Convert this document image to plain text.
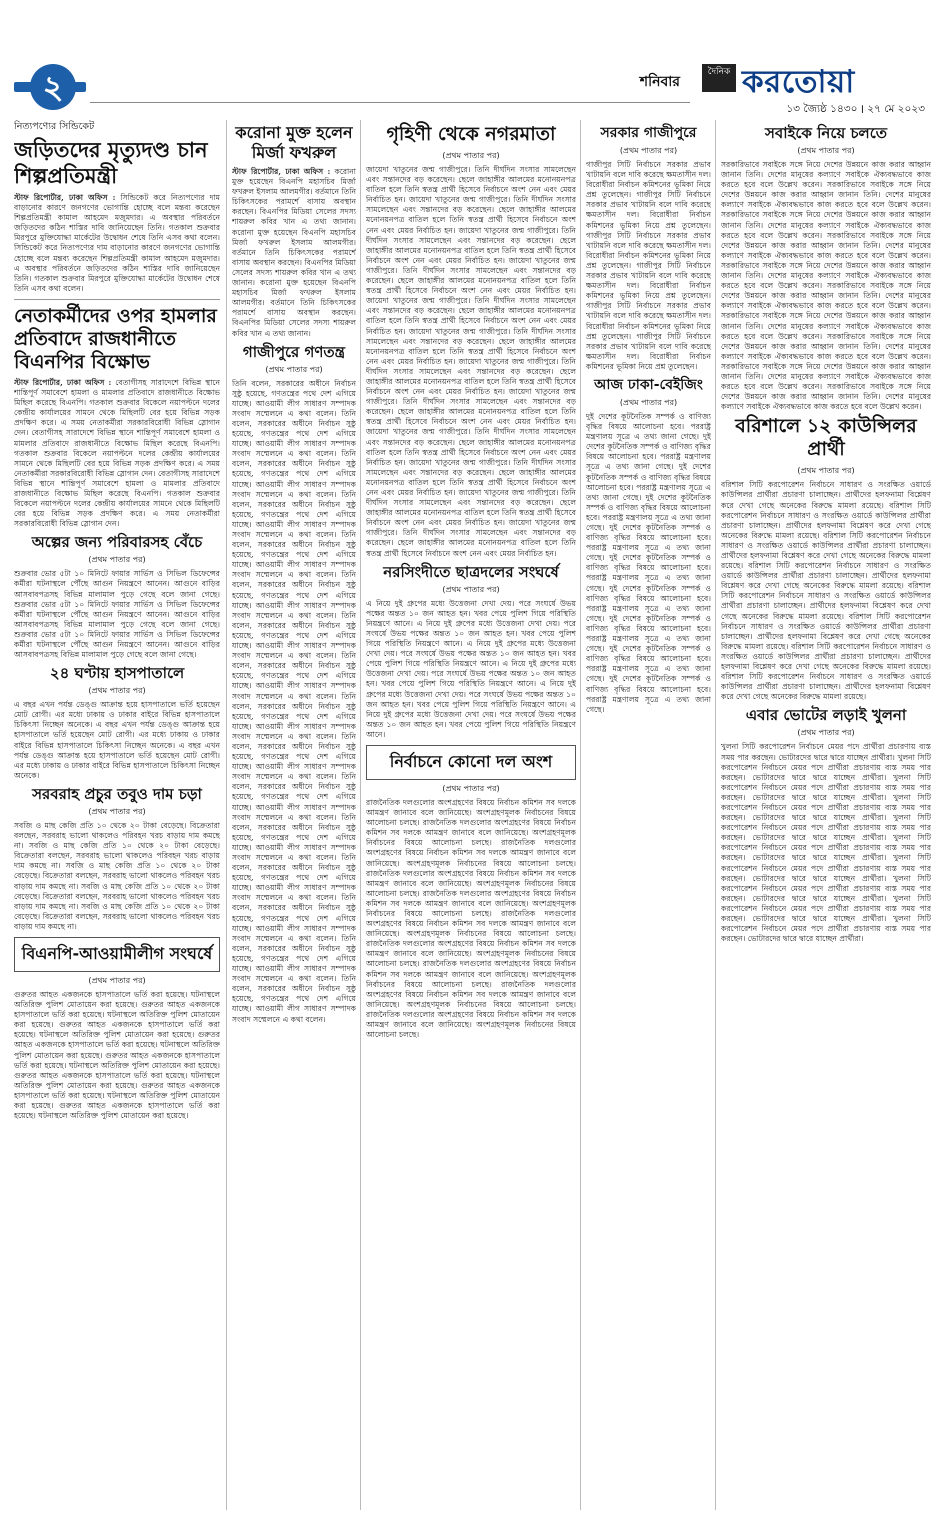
২	শনিবার
দৈনিক করতোয়া
১৩ জ্যৈষ্ঠ ১৪৩০ ׀ ২৭ মে ২০২৩
নিত্যপণ্যের সিন্ডিকেট
জড়িতদের মৃত্যুদণ্ড চান শিল্পপ্রতিমন্ত্রী
স্টাফ রিপোর্টার, ঢাকা অফিস : সিন্ডিকেট করে নিত্যপণ্যের দাম বাড়ানোর কারণে জনগণের ভোগান্তি হোচ্ছে বলে মন্তব্য করেছেন শিল্পপ্রতিমন্ত্রী কামাল আহমেদ মজুমদার। এ অবস্থার পরিবর্তনে জড়িতদের কঠিন শাস্তির দাবি জানিয়েছেন তিনি। গতকাল শুক্রবার মিরপুরে মুক্তিযোদ্ধা মার্কেটের উদ্বোধন শেষে তিনি এসব কথা বলেন। সিন্ডিকেট করে নিত্যপণ্যের দাম বাড়ানোর কারণে জনগণের ভোগান্তি হোচ্ছে বলে মন্তব্য করেছেন শিল্পপ্রতিমন্ত্রী কামাল আহমেদ মজুমদার। এ অবস্থার পরিবর্তনে জড়িতদের কঠিন শাস্তির দাবি জানিয়েছেন তিনি। গতকাল শুক্রবার মিরপুরে মুক্তিযোদ্ধা মার্কেটের উদ্বোধন শেষে তিনি এসব কথা বলেন।
নেতাকর্মীদের ওপর হামলার প্রতিবাদে রাজধানীতে বিএনপির বিক্ষোভ
স্টাফ রিপোর্টার, ঢাকা অফিস : বেতাগীসহ সারাদেশে বিভিন্ন স্থানে শান্তিপূর্ণ সমাবেশে হামলা ও মামলার প্রতিবাদে রাজধানীতে বিক্ষোভ মিছিল করেছে বিএনপি। গতকাল শুক্রবার বিকেলে নয়াপল্টনে দলের কেন্দ্রীয় কার্যালয়ের সামনে থেকে মিছিলটি বের হয়ে বিভিন্ন সড়ক প্রদক্ষিণ করে। এ সময় নেতাকর্মীরা সরকারবিরোধী বিভিন্ন স্লোগান দেন। বেতাগীসহ সারাদেশে বিভিন্ন স্থানে শান্তিপূর্ণ সমাবেশে হামলা ও মামলার প্রতিবাদে রাজধানীতে বিক্ষোভ মিছিল করেছে বিএনপি। গতকাল শুক্রবার বিকেলে নয়াপল্টনে দলের কেন্দ্রীয় কার্যালয়ের সামনে থেকে মিছিলটি বের হয়ে বিভিন্ন সড়ক প্রদক্ষিণ করে। এ সময় নেতাকর্মীরা সরকারবিরোধী বিভিন্ন স্লোগান দেন। বেতাগীসহ সারাদেশে বিভিন্ন স্থানে শান্তিপূর্ণ সমাবেশে হামলা ও মামলার প্রতিবাদে রাজধানীতে বিক্ষোভ মিছিল করেছে বিএনপি। গতকাল শুক্রবার বিকেলে নয়াপল্টনে দলের কেন্দ্রীয় কার্যালয়ের সামনে থেকে মিছিলটি বের হয়ে বিভিন্ন সড়ক প্রদক্ষিণ করে। এ সময় নেতাকর্মীরা সরকারবিরোধী বিভিন্ন স্লোগান দেন।
অল্পের জন্য পরিবারসহ বেঁচে
(প্রথম পাতার পর)
শুক্রবার ভোর ৫টা ১০ মিনিটে ফায়ার সার্ভিস ও সিভিল ডিফেন্সের কর্মীরা ঘটনাস্থলে পৌঁছে আগুন নিয়ন্ত্রণে আনেন। আগুনে বাড়ির আসবাবপত্রসহ বিভিন্ন মালামাল পুড়ে গেছে বলে জানা গেছে। শুক্রবার ভোর ৫টা ১০ মিনিটে ফায়ার সার্ভিস ও সিভিল ডিফেন্সের কর্মীরা ঘটনাস্থলে পৌঁছে আগুন নিয়ন্ত্রণে আনেন। আগুনে বাড়ির আসবাবপত্রসহ বিভিন্ন মালামাল পুড়ে গেছে বলে জানা গেছে। শুক্রবার ভোর ৫টা ১০ মিনিটে ফায়ার সার্ভিস ও সিভিল ডিফেন্সের কর্মীরা ঘটনাস্থলে পৌঁছে আগুন নিয়ন্ত্রণে আনেন। আগুনে বাড়ির আসবাবপত্রসহ বিভিন্ন মালামাল পুড়ে গেছে বলে জানা গেছে।
২৪ ঘণ্টায় হাসপাতালে
(প্রথম পাতার পর)
এ বছর এখন পর্যন্ত ডেঙ্গু আক্রান্ত হয়ে হাসপাতালে ভর্তি হয়েছেন মোট রোগী। এর মধ্যে ঢাকায় ও ঢাকার বাইরে বিভিন্ন হাসপাতালে চিকিৎসা নিচ্ছেন অনেকে। এ বছর এখন পর্যন্ত ডেঙ্গু আক্রান্ত হয়ে হাসপাতালে ভর্তি হয়েছেন মোট রোগী। এর মধ্যে ঢাকায় ও ঢাকার বাইরে বিভিন্ন হাসপাতালে চিকিৎসা নিচ্ছেন অনেকে। এ বছর এখন পর্যন্ত ডেঙ্গু আক্রান্ত হয়ে হাসপাতালে ভর্তি হয়েছেন মোট রোগী। এর মধ্যে ঢাকায় ও ঢাকার বাইরে বিভিন্ন হাসপাতালে চিকিৎসা নিচ্ছেন অনেকে।
সরবরাহ প্রচুর তবুও দাম চড়া
(প্রথম পাতার পর)
সবজি ও মাছ কেজি প্রতি ১০ থেকে ২০ টাকা বেড়েছে। বিক্রেতারা বলছেন, সরবরাহ ভালো থাকলেও পরিবহন খরচ বাড়ায় দাম কমছে না। সবজি ও মাছ কেজি প্রতি ১০ থেকে ২০ টাকা বেড়েছে। বিক্রেতারা বলছেন, সরবরাহ ভালো থাকলেও পরিবহন খরচ বাড়ায় দাম কমছে না। সবজি ও মাছ কেজি প্রতি ১০ থেকে ২০ টাকা বেড়েছে। বিক্রেতারা বলছেন, সরবরাহ ভালো থাকলেও পরিবহন খরচ বাড়ায় দাম কমছে না। সবজি ও মাছ কেজি প্রতি ১০ থেকে ২০ টাকা বেড়েছে। বিক্রেতারা বলছেন, সরবরাহ ভালো থাকলেও পরিবহন খরচ বাড়ায় দাম কমছে না। সবজি ও মাছ কেজি প্রতি ১০ থেকে ২০ টাকা বেড়েছে। বিক্রেতারা বলছেন, সরবরাহ ভালো থাকলেও পরিবহন খরচ বাড়ায় দাম কমছে না।
বিএনপি-আওয়ামীলীগ সংঘর্ষে
(প্রথম পাতার পর)
গুরুতর আহত একজনকে হাসপাতালে ভর্তি করা হয়েছে। ঘটনাস্থলে অতিরিক্ত পুলিশ মোতায়েন করা হয়েছে। গুরুতর আহত একজনকে হাসপাতালে ভর্তি করা হয়েছে। ঘটনাস্থলে অতিরিক্ত পুলিশ মোতায়েন করা হয়েছে। গুরুতর আহত একজনকে হাসপাতালে ভর্তি করা হয়েছে। ঘটনাস্থলে অতিরিক্ত পুলিশ মোতায়েন করা হয়েছে। গুরুতর আহত একজনকে হাসপাতালে ভর্তি করা হয়েছে। ঘটনাস্থলে অতিরিক্ত পুলিশ মোতায়েন করা হয়েছে। গুরুতর আহত একজনকে হাসপাতালে ভর্তি করা হয়েছে। ঘটনাস্থলে অতিরিক্ত পুলিশ মোতায়েন করা হয়েছে। গুরুতর আহত একজনকে হাসপাতালে ভর্তি করা হয়েছে। ঘটনাস্থলে অতিরিক্ত পুলিশ মোতায়েন করা হয়েছে। গুরুতর আহত একজনকে হাসপাতালে ভর্তি করা হয়েছে। ঘটনাস্থলে অতিরিক্ত পুলিশ মোতায়েন করা হয়েছে। গুরুতর আহত একজনকে হাসপাতালে ভর্তি করা হয়েছে। ঘটনাস্থলে অতিরিক্ত পুলিশ মোতায়েন করা হয়েছে।
করোনা মুক্ত হলেন মির্জা ফখরুল
স্টাফ রিপোর্টার, ঢাকা অফিস : করোনা মুক্ত হয়েছেন বিএনপি মহাসচিব মির্জা ফখরুল ইসলাম আলমগীর। বর্তমানে তিনি চিকিৎসকের পরামর্শে বাসায় অবস্থান করছেন। বিএনপির মিডিয়া সেলের সদস্য শায়রুল কবির খান এ তথ্য জানান। করোনা মুক্ত হয়েছেন বিএনপি মহাসচিব মির্জা ফখরুল ইসলাম আলমগীর। বর্তমানে তিনি চিকিৎসকের পরামর্শে বাসায় অবস্থান করছেন। বিএনপির মিডিয়া সেলের সদস্য শায়রুল কবির খান এ তথ্য জানান। করোনা মুক্ত হয়েছেন বিএনপি মহাসচিব মির্জা ফখরুল ইসলাম আলমগীর। বর্তমানে তিনি চিকিৎসকের পরামর্শে বাসায় অবস্থান করছেন। বিএনপির মিডিয়া সেলের সদস্য শায়রুল কবির খান এ তথ্য জানান।
গাজীপুরে গণতন্ত্র
(প্রথম পাতার পর)
তিনি বলেন, সরকারের অধীনে নির্বাচন সুষ্ঠু হয়েছে, গণতন্ত্রের পথে দেশ এগিয়ে যাচ্ছে। আওয়ামী লীগ সাধারণ সম্পাদক সংবাদ সম্মেলনে এ কথা বলেন। তিনি বলেন, সরকারের অধীনে নির্বাচন সুষ্ঠু হয়েছে, গণতন্ত্রের পথে দেশ এগিয়ে যাচ্ছে। আওয়ামী লীগ সাধারণ সম্পাদক সংবাদ সম্মেলনে এ কথা বলেন। তিনি বলেন, সরকারের অধীনে নির্বাচন সুষ্ঠু হয়েছে, গণতন্ত্রের পথে দেশ এগিয়ে যাচ্ছে। আওয়ামী লীগ সাধারণ সম্পাদক সংবাদ সম্মেলনে এ কথা বলেন। তিনি বলেন, সরকারের অধীনে নির্বাচন সুষ্ঠু হয়েছে, গণতন্ত্রের পথে দেশ এগিয়ে যাচ্ছে। আওয়ামী লীগ সাধারণ সম্পাদক সংবাদ সম্মেলনে এ কথা বলেন। তিনি বলেন, সরকারের অধীনে নির্বাচন সুষ্ঠু হয়েছে, গণতন্ত্রের পথে দেশ এগিয়ে যাচ্ছে। আওয়ামী লীগ সাধারণ সম্পাদক সংবাদ সম্মেলনে এ কথা বলেন। তিনি বলেন, সরকারের অধীনে নির্বাচন সুষ্ঠু হয়েছে, গণতন্ত্রের পথে দেশ এগিয়ে যাচ্ছে। আওয়ামী লীগ সাধারণ সম্পাদক সংবাদ সম্মেলনে এ কথা বলেন। তিনি বলেন, সরকারের অধীনে নির্বাচন সুষ্ঠু হয়েছে, গণতন্ত্রের পথে দেশ এগিয়ে যাচ্ছে। আওয়ামী লীগ সাধারণ সম্পাদক সংবাদ সম্মেলনে এ কথা বলেন। তিনি বলেন, সরকারের অধীনে নির্বাচন সুষ্ঠু হয়েছে, গণতন্ত্রের পথে দেশ এগিয়ে যাচ্ছে। আওয়ামী লীগ সাধারণ সম্পাদক সংবাদ সম্মেলনে এ কথা বলেন। তিনি বলেন, সরকারের অধীনে নির্বাচন সুষ্ঠু হয়েছে, গণতন্ত্রের পথে দেশ এগিয়ে যাচ্ছে। আওয়ামী লীগ সাধারণ সম্পাদক সংবাদ সম্মেলনে এ কথা বলেন। তিনি বলেন, সরকারের অধীনে নির্বাচন সুষ্ঠু হয়েছে, গণতন্ত্রের পথে দেশ এগিয়ে যাচ্ছে। আওয়ামী লীগ সাধারণ সম্পাদক সংবাদ সম্মেলনে এ কথা বলেন। তিনি বলেন, সরকারের অধীনে নির্বাচন সুষ্ঠু হয়েছে, গণতন্ত্রের পথে দেশ এগিয়ে যাচ্ছে। আওয়ামী লীগ সাধারণ সম্পাদক সংবাদ সম্মেলনে এ কথা বলেন। তিনি বলেন, সরকারের অধীনে নির্বাচন সুষ্ঠু হয়েছে, গণতন্ত্রের পথে দেশ এগিয়ে যাচ্ছে। আওয়ামী লীগ সাধারণ সম্পাদক সংবাদ সম্মেলনে এ কথা বলেন। তিনি বলেন, সরকারের অধীনে নির্বাচন সুষ্ঠু হয়েছে, গণতন্ত্রের পথে দেশ এগিয়ে যাচ্ছে। আওয়ামী লীগ সাধারণ সম্পাদক সংবাদ সম্মেলনে এ কথা বলেন। তিনি বলেন, সরকারের অধীনে নির্বাচন সুষ্ঠু হয়েছে, গণতন্ত্রের পথে দেশ এগিয়ে যাচ্ছে। আওয়ামী লীগ সাধারণ সম্পাদক সংবাদ সম্মেলনে এ কথা বলেন। তিনি বলেন, সরকারের অধীনে নির্বাচন সুষ্ঠু হয়েছে, গণতন্ত্রের পথে দেশ এগিয়ে যাচ্ছে। আওয়ামী লীগ সাধারণ সম্পাদক সংবাদ সম্মেলনে এ কথা বলেন। তিনি বলেন, সরকারের অধীনে নির্বাচন সুষ্ঠু হয়েছে, গণতন্ত্রের পথে দেশ এগিয়ে যাচ্ছে। আওয়ামী লীগ সাধারণ সম্পাদক সংবাদ সম্মেলনে এ কথা বলেন।
গৃহিণী থেকে নগরমাতা
(প্রথম পাতার পর)
জায়েদা খাতুনের জন্ম গাজীপুরে। তিনি দীর্ঘদিন সংসার সামলেছেন এবং সন্তানদের বড় করেছেন। ছেলে জাহাঙ্গীর আলমের মনোনয়নপত্র বাতিল হলে তিনি স্বতন্ত্র প্রার্থী হিসেবে নির্বাচনে অংশ নেন এবং মেয়র নির্বাচিত হন। জায়েদা খাতুনের জন্ম গাজীপুরে। তিনি দীর্ঘদিন সংসার সামলেছেন এবং সন্তানদের বড় করেছেন। ছেলে জাহাঙ্গীর আলমের মনোনয়নপত্র বাতিল হলে তিনি স্বতন্ত্র প্রার্থী হিসেবে নির্বাচনে অংশ নেন এবং মেয়র নির্বাচিত হন। জায়েদা খাতুনের জন্ম গাজীপুরে। তিনি দীর্ঘদিন সংসার সামলেছেন এবং সন্তানদের বড় করেছেন। ছেলে জাহাঙ্গীর আলমের মনোনয়নপত্র বাতিল হলে তিনি স্বতন্ত্র প্রার্থী হিসেবে নির্বাচনে অংশ নেন এবং মেয়র নির্বাচিত হন। জায়েদা খাতুনের জন্ম গাজীপুরে। তিনি দীর্ঘদিন সংসার সামলেছেন এবং সন্তানদের বড় করেছেন। ছেলে জাহাঙ্গীর আলমের মনোনয়নপত্র বাতিল হলে তিনি স্বতন্ত্র প্রার্থী হিসেবে নির্বাচনে অংশ নেন এবং মেয়র নির্বাচিত হন। জায়েদা খাতুনের জন্ম গাজীপুরে। তিনি দীর্ঘদিন সংসার সামলেছেন এবং সন্তানদের বড় করেছেন। ছেলে জাহাঙ্গীর আলমের মনোনয়নপত্র বাতিল হলে তিনি স্বতন্ত্র প্রার্থী হিসেবে নির্বাচনে অংশ নেন এবং মেয়র নির্বাচিত হন। জায়েদা খাতুনের জন্ম গাজীপুরে। তিনি দীর্ঘদিন সংসার সামলেছেন এবং সন্তানদের বড় করেছেন। ছেলে জাহাঙ্গীর আলমের মনোনয়নপত্র বাতিল হলে তিনি স্বতন্ত্র প্রার্থী হিসেবে নির্বাচনে অংশ নেন এবং মেয়র নির্বাচিত হন। জায়েদা খাতুনের জন্ম গাজীপুরে। তিনি দীর্ঘদিন সংসার সামলেছেন এবং সন্তানদের বড় করেছেন। ছেলে জাহাঙ্গীর আলমের মনোনয়নপত্র বাতিল হলে তিনি স্বতন্ত্র প্রার্থী হিসেবে নির্বাচনে অংশ নেন এবং মেয়র নির্বাচিত হন। জায়েদা খাতুনের জন্ম গাজীপুরে। তিনি দীর্ঘদিন সংসার সামলেছেন এবং সন্তানদের বড় করেছেন। ছেলে জাহাঙ্গীর আলমের মনোনয়নপত্র বাতিল হলে তিনি স্বতন্ত্র প্রার্থী হিসেবে নির্বাচনে অংশ নেন এবং মেয়র নির্বাচিত হন। জায়েদা খাতুনের জন্ম গাজীপুরে। তিনি দীর্ঘদিন সংসার সামলেছেন এবং সন্তানদের বড় করেছেন। ছেলে জাহাঙ্গীর আলমের মনোনয়নপত্র বাতিল হলে তিনি স্বতন্ত্র প্রার্থী হিসেবে নির্বাচনে অংশ নেন এবং মেয়র নির্বাচিত হন। জায়েদা খাতুনের জন্ম গাজীপুরে। তিনি দীর্ঘদিন সংসার সামলেছেন এবং সন্তানদের বড় করেছেন। ছেলে জাহাঙ্গীর আলমের মনোনয়নপত্র বাতিল হলে তিনি স্বতন্ত্র প্রার্থী হিসেবে নির্বাচনে অংশ নেন এবং মেয়র নির্বাচিত হন। জায়েদা খাতুনের জন্ম গাজীপুরে। তিনি দীর্ঘদিন সংসার সামলেছেন এবং সন্তানদের বড় করেছেন। ছেলে জাহাঙ্গীর আলমের মনোনয়নপত্র বাতিল হলে তিনি স্বতন্ত্র প্রার্থী হিসেবে নির্বাচনে অংশ নেন এবং মেয়র নির্বাচিত হন। জায়েদা খাতুনের জন্ম গাজীপুরে। তিনি দীর্ঘদিন সংসার সামলেছেন এবং সন্তানদের বড় করেছেন। ছেলে জাহাঙ্গীর আলমের মনোনয়নপত্র বাতিল হলে তিনি স্বতন্ত্র প্রার্থী হিসেবে নির্বাচনে অংশ নেন এবং মেয়র নির্বাচিত হন।
নরসিংদীতে ছাত্রদলের সংঘর্ষে
(প্রথম পাতার পর)
এ নিয়ে দুই গ্রুপের মধ্যে উত্তেজনা দেখা দেয়। পরে সংঘর্ষে উভয় পক্ষের অন্তত ১০ জন আহত হন। খবর পেয়ে পুলিশ গিয়ে পরিস্থিতি নিয়ন্ত্রণে আনে। এ নিয়ে দুই গ্রুপের মধ্যে উত্তেজনা দেখা দেয়। পরে সংঘর্ষে উভয় পক্ষের অন্তত ১০ জন আহত হন। খবর পেয়ে পুলিশ গিয়ে পরিস্থিতি নিয়ন্ত্রণে আনে। এ নিয়ে দুই গ্রুপের মধ্যে উত্তেজনা দেখা দেয়। পরে সংঘর্ষে উভয় পক্ষের অন্তত ১০ জন আহত হন। খবর পেয়ে পুলিশ গিয়ে পরিস্থিতি নিয়ন্ত্রণে আনে। এ নিয়ে দুই গ্রুপের মধ্যে উত্তেজনা দেখা দেয়। পরে সংঘর্ষে উভয় পক্ষের অন্তত ১০ জন আহত হন। খবর পেয়ে পুলিশ গিয়ে পরিস্থিতি নিয়ন্ত্রণে আনে। এ নিয়ে দুই গ্রুপের মধ্যে উত্তেজনা দেখা দেয়। পরে সংঘর্ষে উভয় পক্ষের অন্তত ১০ জন আহত হন। খবর পেয়ে পুলিশ গিয়ে পরিস্থিতি নিয়ন্ত্রণে আনে। এ নিয়ে দুই গ্রুপের মধ্যে উত্তেজনা দেখা দেয়। পরে সংঘর্ষে উভয় পক্ষের অন্তত ১০ জন আহত হন। খবর পেয়ে পুলিশ গিয়ে পরিস্থিতি নিয়ন্ত্রণে আনে।
নির্বাচনে কোনো দল অংশ
(প্রথম পাতার পর)
রাজনৈতিক দলগুলোর অংশগ্রহণের বিষয়ে নির্বাচন কমিশন সব দলকে আমন্ত্রণ জানাবে বলে জানিয়েছে। অংশগ্রহণমূলক নির্বাচনের বিষয়ে আলোচনা চলছে। রাজনৈতিক দলগুলোর অংশগ্রহণের বিষয়ে নির্বাচন কমিশন সব দলকে আমন্ত্রণ জানাবে বলে জানিয়েছে। অংশগ্রহণমূলক নির্বাচনের বিষয়ে আলোচনা চলছে। রাজনৈতিক দলগুলোর অংশগ্রহণের বিষয়ে নির্বাচন কমিশন সব দলকে আমন্ত্রণ জানাবে বলে জানিয়েছে। অংশগ্রহণমূলক নির্বাচনের বিষয়ে আলোচনা চলছে। রাজনৈতিক দলগুলোর অংশগ্রহণের বিষয়ে নির্বাচন কমিশন সব দলকে আমন্ত্রণ জানাবে বলে জানিয়েছে। অংশগ্রহণমূলক নির্বাচনের বিষয়ে আলোচনা চলছে। রাজনৈতিক দলগুলোর অংশগ্রহণের বিষয়ে নির্বাচন কমিশন সব দলকে আমন্ত্রণ জানাবে বলে জানিয়েছে। অংশগ্রহণমূলক নির্বাচনের বিষয়ে আলোচনা চলছে। রাজনৈতিক দলগুলোর অংশগ্রহণের বিষয়ে নির্বাচন কমিশন সব দলকে আমন্ত্রণ জানাবে বলে জানিয়েছে। অংশগ্রহণমূলক নির্বাচনের বিষয়ে আলোচনা চলছে। রাজনৈতিক দলগুলোর অংশগ্রহণের বিষয়ে নির্বাচন কমিশন সব দলকে আমন্ত্রণ জানাবে বলে জানিয়েছে। অংশগ্রহণমূলক নির্বাচনের বিষয়ে আলোচনা চলছে। রাজনৈতিক দলগুলোর অংশগ্রহণের বিষয়ে নির্বাচন কমিশন সব দলকে আমন্ত্রণ জানাবে বলে জানিয়েছে। অংশগ্রহণমূলক নির্বাচনের বিষয়ে আলোচনা চলছে। রাজনৈতিক দলগুলোর অংশগ্রহণের বিষয়ে নির্বাচন কমিশন সব দলকে আমন্ত্রণ জানাবে বলে জানিয়েছে। অংশগ্রহণমূলক নির্বাচনের বিষয়ে আলোচনা চলছে। রাজনৈতিক দলগুলোর অংশগ্রহণের বিষয়ে নির্বাচন কমিশন সব দলকে আমন্ত্রণ জানাবে বলে জানিয়েছে। অংশগ্রহণমূলক নির্বাচনের বিষয়ে আলোচনা চলছে।
সরকার গাজীপুরে
(প্রথম পাতার পর)
গাজীপুর সিটি নির্বাচনে সরকার প্রভাব খাটায়নি বলে দাবি করেছে ক্ষমতাসীন দল। বিরোধীরা নির্বাচন কমিশনের ভূমিকা নিয়ে প্রশ্ন তুলেছেন। গাজীপুর সিটি নির্বাচনে সরকার প্রভাব খাটায়নি বলে দাবি করেছে ক্ষমতাসীন দল। বিরোধীরা নির্বাচন কমিশনের ভূমিকা নিয়ে প্রশ্ন তুলেছেন। গাজীপুর সিটি নির্বাচনে সরকার প্রভাব খাটায়নি বলে দাবি করেছে ক্ষমতাসীন দল। বিরোধীরা নির্বাচন কমিশনের ভূমিকা নিয়ে প্রশ্ন তুলেছেন। গাজীপুর সিটি নির্বাচনে সরকার প্রভাব খাটায়নি বলে দাবি করেছে ক্ষমতাসীন দল। বিরোধীরা নির্বাচন কমিশনের ভূমিকা নিয়ে প্রশ্ন তুলেছেন। গাজীপুর সিটি নির্বাচনে সরকার প্রভাব খাটায়নি বলে দাবি করেছে ক্ষমতাসীন দল। বিরোধীরা নির্বাচন কমিশনের ভূমিকা নিয়ে প্রশ্ন তুলেছেন। গাজীপুর সিটি নির্বাচনে সরকার প্রভাব খাটায়নি বলে দাবি করেছে ক্ষমতাসীন দল। বিরোধীরা নির্বাচন কমিশনের ভূমিকা নিয়ে প্রশ্ন তুলেছেন।
আজ ঢাকা-বেইজিং
(প্রথম পাতার পর)
দুই দেশের কূটনৈতিক সম্পর্ক ও বাণিজ্য বৃদ্ধির বিষয়ে আলোচনা হবে। পররাষ্ট্র মন্ত্রণালয় সূত্রে এ তথ্য জানা গেছে। দুই দেশের কূটনৈতিক সম্পর্ক ও বাণিজ্য বৃদ্ধির বিষয়ে আলোচনা হবে। পররাষ্ট্র মন্ত্রণালয় সূত্রে এ তথ্য জানা গেছে। দুই দেশের কূটনৈতিক সম্পর্ক ও বাণিজ্য বৃদ্ধির বিষয়ে আলোচনা হবে। পররাষ্ট্র মন্ত্রণালয় সূত্রে এ তথ্য জানা গেছে। দুই দেশের কূটনৈতিক সম্পর্ক ও বাণিজ্য বৃদ্ধির বিষয়ে আলোচনা হবে। পররাষ্ট্র মন্ত্রণালয় সূত্রে এ তথ্য জানা গেছে। দুই দেশের কূটনৈতিক সম্পর্ক ও বাণিজ্য বৃদ্ধির বিষয়ে আলোচনা হবে। পররাষ্ট্র মন্ত্রণালয় সূত্রে এ তথ্য জানা গেছে। দুই দেশের কূটনৈতিক সম্পর্ক ও বাণিজ্য বৃদ্ধির বিষয়ে আলোচনা হবে। পররাষ্ট্র মন্ত্রণালয় সূত্রে এ তথ্য জানা গেছে। দুই দেশের কূটনৈতিক সম্পর্ক ও বাণিজ্য বৃদ্ধির বিষয়ে আলোচনা হবে। পররাষ্ট্র মন্ত্রণালয় সূত্রে এ তথ্য জানা গেছে। দুই দেশের কূটনৈতিক সম্পর্ক ও বাণিজ্য বৃদ্ধির বিষয়ে আলোচনা হবে। পররাষ্ট্র মন্ত্রণালয় সূত্রে এ তথ্য জানা গেছে। দুই দেশের কূটনৈতিক সম্পর্ক ও বাণিজ্য বৃদ্ধির বিষয়ে আলোচনা হবে। পররাষ্ট্র মন্ত্রণালয় সূত্রে এ তথ্য জানা গেছে। দুই দেশের কূটনৈতিক সম্পর্ক ও বাণিজ্য বৃদ্ধির বিষয়ে আলোচনা হবে। পররাষ্ট্র মন্ত্রণালয় সূত্রে এ তথ্য জানা গেছে।
সবাইকে নিয়ে চলতে
(প্রথম পাতার পর)
সরকারিভাবে সবাইকে সঙ্গে নিয়ে দেশের উন্নয়নে কাজ করার আহ্বান জানান তিনি। দেশের মানুষের কল্যাণে সবাইকে ঐক্যবদ্ধভাবে কাজ করতে হবে বলে উল্লেখ করেন। সরকারিভাবে সবাইকে সঙ্গে নিয়ে দেশের উন্নয়নে কাজ করার আহ্বান জানান তিনি। দেশের মানুষের কল্যাণে সবাইকে ঐক্যবদ্ধভাবে কাজ করতে হবে বলে উল্লেখ করেন। সরকারিভাবে সবাইকে সঙ্গে নিয়ে দেশের উন্নয়নে কাজ করার আহ্বান জানান তিনি। দেশের মানুষের কল্যাণে সবাইকে ঐক্যবদ্ধভাবে কাজ করতে হবে বলে উল্লেখ করেন। সরকারিভাবে সবাইকে সঙ্গে নিয়ে দেশের উন্নয়নে কাজ করার আহ্বান জানান তিনি। দেশের মানুষের কল্যাণে সবাইকে ঐক্যবদ্ধভাবে কাজ করতে হবে বলে উল্লেখ করেন। সরকারিভাবে সবাইকে সঙ্গে নিয়ে দেশের উন্নয়নে কাজ করার আহ্বান জানান তিনি। দেশের মানুষের কল্যাণে সবাইকে ঐক্যবদ্ধভাবে কাজ করতে হবে বলে উল্লেখ করেন। সরকারিভাবে সবাইকে সঙ্গে নিয়ে দেশের উন্নয়নে কাজ করার আহ্বান জানান তিনি। দেশের মানুষের কল্যাণে সবাইকে ঐক্যবদ্ধভাবে কাজ করতে হবে বলে উল্লেখ করেন। সরকারিভাবে সবাইকে সঙ্গে নিয়ে দেশের উন্নয়নে কাজ করার আহ্বান জানান তিনি। দেশের মানুষের কল্যাণে সবাইকে ঐক্যবদ্ধভাবে কাজ করতে হবে বলে উল্লেখ করেন। সরকারিভাবে সবাইকে সঙ্গে নিয়ে দেশের উন্নয়নে কাজ করার আহ্বান জানান তিনি। দেশের মানুষের কল্যাণে সবাইকে ঐক্যবদ্ধভাবে কাজ করতে হবে বলে উল্লেখ করেন। সরকারিভাবে সবাইকে সঙ্গে নিয়ে দেশের উন্নয়নে কাজ করার আহ্বান জানান তিনি। দেশের মানুষের কল্যাণে সবাইকে ঐক্যবদ্ধভাবে কাজ করতে হবে বলে উল্লেখ করেন। সরকারিভাবে সবাইকে সঙ্গে নিয়ে দেশের উন্নয়নে কাজ করার আহ্বান জানান তিনি। দেশের মানুষের কল্যাণে সবাইকে ঐক্যবদ্ধভাবে কাজ করতে হবে বলে উল্লেখ করেন।
বরিশালে ১২ কাউন্সিলর প্রার্থী
(প্রথম পাতার পর)
বরিশাল সিটি করপোরেশন নির্বাচনে সাধারণ ও সংরক্ষিত ওয়ার্ডে কাউন্সিলর প্রার্থীরা প্রচারণা চালাচ্ছেন। প্রার্থীদের হলফনামা বিশ্লেষণ করে দেখা গেছে অনেকের বিরুদ্ধে মামলা রয়েছে। বরিশাল সিটি করপোরেশন নির্বাচনে সাধারণ ও সংরক্ষিত ওয়ার্ডে কাউন্সিলর প্রার্থীরা প্রচারণা চালাচ্ছেন। প্রার্থীদের হলফনামা বিশ্লেষণ করে দেখা গেছে অনেকের বিরুদ্ধে মামলা রয়েছে। বরিশাল সিটি করপোরেশন নির্বাচনে সাধারণ ও সংরক্ষিত ওয়ার্ডে কাউন্সিলর প্রার্থীরা প্রচারণা চালাচ্ছেন। প্রার্থীদের হলফনামা বিশ্লেষণ করে দেখা গেছে অনেকের বিরুদ্ধে মামলা রয়েছে। বরিশাল সিটি করপোরেশন নির্বাচনে সাধারণ ও সংরক্ষিত ওয়ার্ডে কাউন্সিলর প্রার্থীরা প্রচারণা চালাচ্ছেন। প্রার্থীদের হলফনামা বিশ্লেষণ করে দেখা গেছে অনেকের বিরুদ্ধে মামলা রয়েছে। বরিশাল সিটি করপোরেশন নির্বাচনে সাধারণ ও সংরক্ষিত ওয়ার্ডে কাউন্সিলর প্রার্থীরা প্রচারণা চালাচ্ছেন। প্রার্থীদের হলফনামা বিশ্লেষণ করে দেখা গেছে অনেকের বিরুদ্ধে মামলা রয়েছে। বরিশাল সিটি করপোরেশন নির্বাচনে সাধারণ ও সংরক্ষিত ওয়ার্ডে কাউন্সিলর প্রার্থীরা প্রচারণা চালাচ্ছেন। প্রার্থীদের হলফনামা বিশ্লেষণ করে দেখা গেছে অনেকের বিরুদ্ধে মামলা রয়েছে। বরিশাল সিটি করপোরেশন নির্বাচনে সাধারণ ও সংরক্ষিত ওয়ার্ডে কাউন্সিলর প্রার্থীরা প্রচারণা চালাচ্ছেন। প্রার্থীদের হলফনামা বিশ্লেষণ করে দেখা গেছে অনেকের বিরুদ্ধে মামলা রয়েছে। বরিশাল সিটি করপোরেশন নির্বাচনে সাধারণ ও সংরক্ষিত ওয়ার্ডে কাউন্সিলর প্রার্থীরা প্রচারণা চালাচ্ছেন। প্রার্থীদের হলফনামা বিশ্লেষণ করে দেখা গেছে অনেকের বিরুদ্ধে মামলা রয়েছে।
এবার ভোটের লড়াই খুলনা
(প্রথম পাতার পর)
খুলনা সিটি করপোরেশন নির্বাচনে মেয়র পদে প্রার্থীরা প্রচারণায় ব্যস্ত সময় পার করছেন। ভোটারদের দ্বারে দ্বারে যাচ্ছেন প্রার্থীরা। খুলনা সিটি করপোরেশন নির্বাচনে মেয়র পদে প্রার্থীরা প্রচারণায় ব্যস্ত সময় পার করছেন। ভোটারদের দ্বারে দ্বারে যাচ্ছেন প্রার্থীরা। খুলনা সিটি করপোরেশন নির্বাচনে মেয়র পদে প্রার্থীরা প্রচারণায় ব্যস্ত সময় পার করছেন। ভোটারদের দ্বারে দ্বারে যাচ্ছেন প্রার্থীরা। খুলনা সিটি করপোরেশন নির্বাচনে মেয়র পদে প্রার্থীরা প্রচারণায় ব্যস্ত সময় পার করছেন। ভোটারদের দ্বারে দ্বারে যাচ্ছেন প্রার্থীরা। খুলনা সিটি করপোরেশন নির্বাচনে মেয়র পদে প্রার্থীরা প্রচারণায় ব্যস্ত সময় পার করছেন। ভোটারদের দ্বারে দ্বারে যাচ্ছেন প্রার্থীরা। খুলনা সিটি করপোরেশন নির্বাচনে মেয়র পদে প্রার্থীরা প্রচারণায় ব্যস্ত সময় পার করছেন। ভোটারদের দ্বারে দ্বারে যাচ্ছেন প্রার্থীরা। খুলনা সিটি করপোরেশন নির্বাচনে মেয়র পদে প্রার্থীরা প্রচারণায় ব্যস্ত সময় পার করছেন। ভোটারদের দ্বারে দ্বারে যাচ্ছেন প্রার্থীরা। খুলনা সিটি করপোরেশন নির্বাচনে মেয়র পদে প্রার্থীরা প্রচারণায় ব্যস্ত সময় পার করছেন। ভোটারদের দ্বারে দ্বারে যাচ্ছেন প্রার্থীরা। খুলনা সিটি করপোরেশন নির্বাচনে মেয়র পদে প্রার্থীরা প্রচারণায় ব্যস্ত সময় পার করছেন। ভোটারদের দ্বারে দ্বারে যাচ্ছেন প্রার্থীরা। খুলনা সিটি করপোরেশন নির্বাচনে মেয়র পদে প্রার্থীরা প্রচারণায় ব্যস্ত সময় পার করছেন। ভোটারদের দ্বারে দ্বারে যাচ্ছেন প্রার্থীরা।
